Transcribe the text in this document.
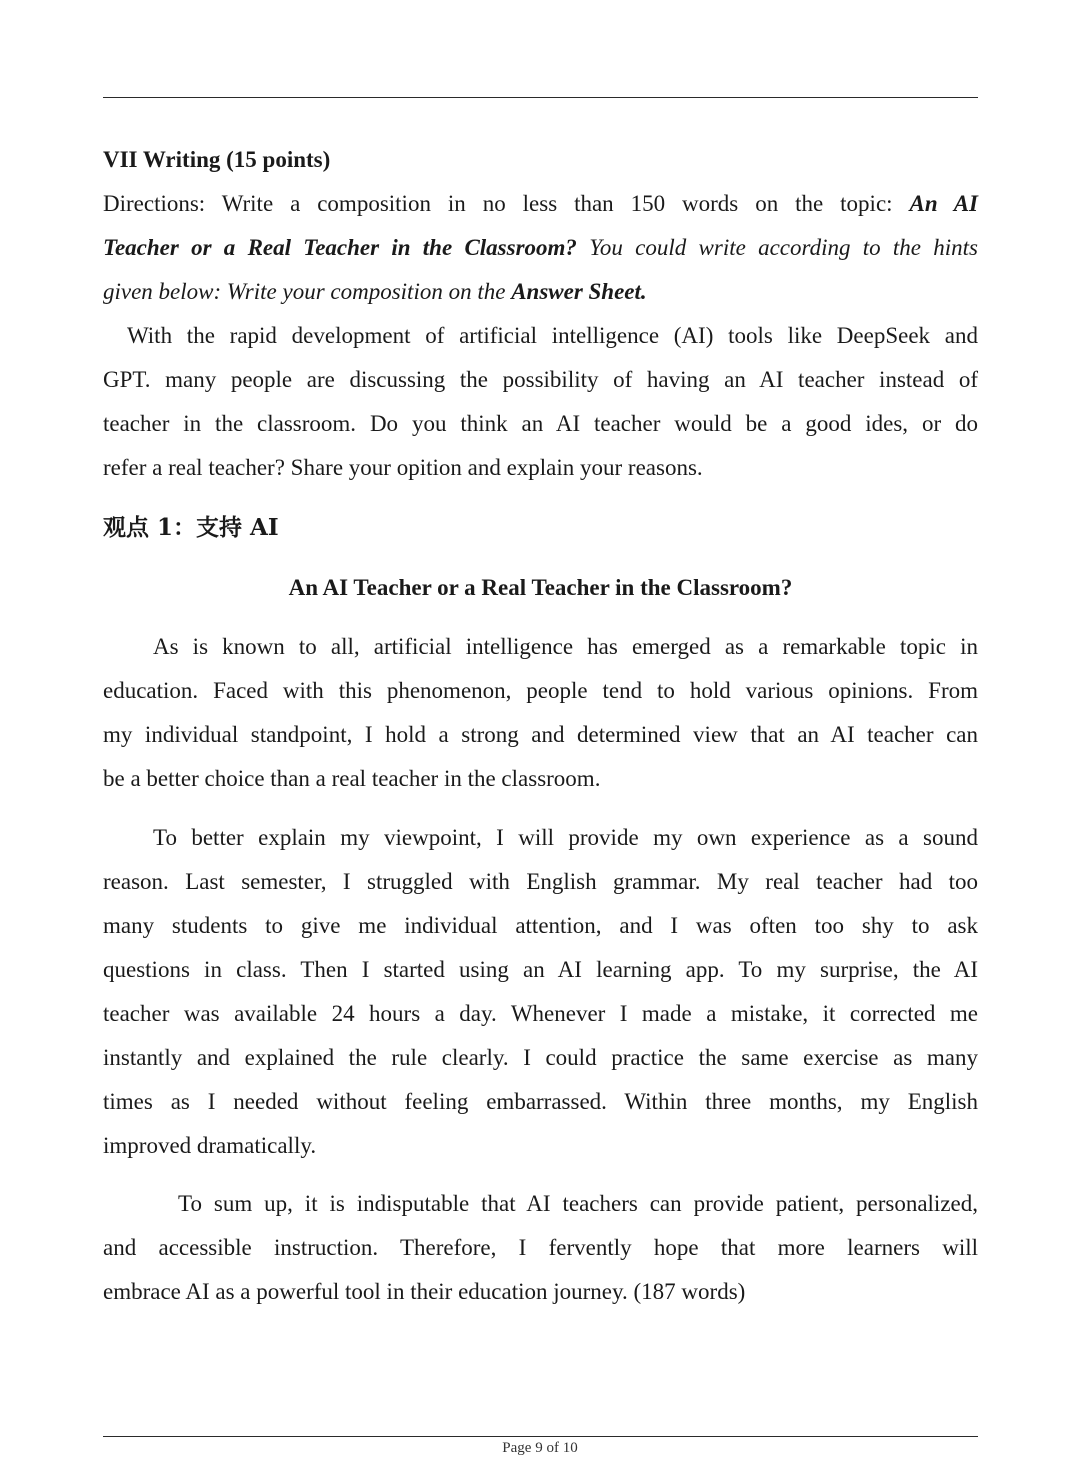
VII Writing (15 points)
Directions: Write a composition in no less than 150 words on the topic: An AI
Teacher or a Real Teacher in the Classroom? You could write according to the hints
given below: Write your composition on the Answer Sheet.
With the rapid development of artificial intelligence (AI) tools like DeepSeek and
GPT. many people are discussing the possibility of having an AI teacher instead of
teacher in the classroom. Do you think an AI teacher would be a good ides, or do
refer a real teacher? Share your opition and explain your reasons.
观点 1：支持 AI
An AI Teacher or a Real Teacher in the Classroom?
As is known to all, artificial intelligence has emerged as a remarkable topic in
education. Faced with this phenomenon, people tend to hold various opinions. From
my individual standpoint, I hold a strong and determined view that an AI teacher can
be a better choice than a real teacher in the classroom.
To better explain my viewpoint, I will provide my own experience as a sound
reason. Last semester, I struggled with English grammar. My real teacher had too
many students to give me individual attention, and I was often too shy to ask
questions in class. Then I started using an AI learning app. To my surprise, the AI
teacher was available 24 hours a day. Whenever I made a mistake, it corrected me
instantly and explained the rule clearly. I could practice the same exercise as many
times as I needed without feeling embarrassed. Within three months, my English
improved dramatically.
To sum up, it is indisputable that AI teachers can provide patient, personalized,
and accessible instruction. Therefore, I fervently hope that more learners will
embrace AI as a powerful tool in their education journey. (187 words)
Page 9 of 10
